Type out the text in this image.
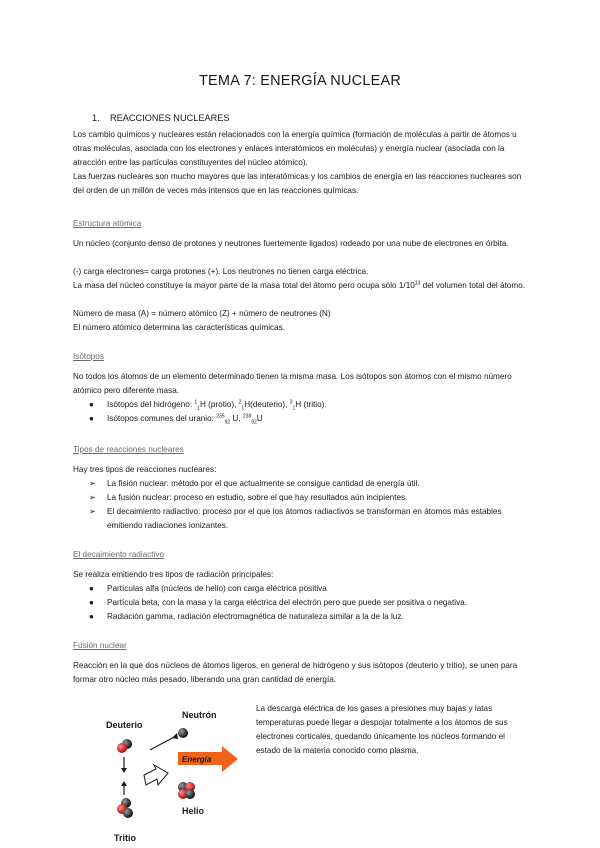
TEMA 7: ENERGÍA NUCLEAR
1. REACCIONES NUCLEARES

Los cambio químicos y nucleares están relacionados con la energía química (formación de moléculas a partir de átomos u otras moléculas, asociada con los electrones y enlaces interatómicos en moléculas) y energía nuclear (asociada con la atracción entre las partículas constituyentes del núcleo atómico).

Las fuerzas nucleares son mucho mayores que las interatómicas y los cambios de energía en las reacciones nucleares son del orden de un millón de veces más intensos que en las reacciones químicas.

Estructura atómica

Un núcleo (conjunto denso de protones y neutrones fuertemente ligados) rodeado por una nube de electrones en órbita.

(-) carga electrones= carga protones (+). Los neutrones no tienen carga eléctrica.

La masa del núcleo constituye la mayor parte de la masa total del átomo pero ocupa sólo $1/10^{13}$ del volumen total del átomo.

Número de masa (A) = número atómico (Z) + número de neutrones (N)

El número atómico determina las características químicas.

Isótopos

No todos los átomos de un elemento determinado tienen la misma masa. Los isótopos son átomos con el mismo número atómico pero diferente masa.

● Isótopos del hidrógeno: $^1_1$H (protio), $^2_1$H(deuterio), $^3_1$H (tritio).
● Isótopos comunes del uranio: $^{235}_{92}$ U, $^{238}_{92}$U
Tipos de reacciones nucleares

Hay tres tipos de reacciones nucleares:

➢ La fisión nuclear: método por el que actualmente se consigue cantidad de energía útil.
➢ La fusión nuclear: proceso en estudio, sobre el que hay resultados aún incipientes.
➢ El decaimiento radiactivo: proceso por el que los átomos radiactivos se transforman en átomos más estables emitiendo radiaciones ionizantes.
El decaimiento radiactivo

Se realiza emitiendo tres tipos de radiación principales:

● Partículas alfa (núcleos de helio) con carga eléctrica positiva
● Partícula beta, con la masa y la carga eléctrica del electrón pero que puede ser positiva o negativa.
● Radiación gamma, radiación electromagnética de naturaleza similar a la de la luz.
Fusión nuclear

Reacción en la que dos núcleos de átomos ligeros, en general de hidrógeno y sus isótopos (deuterio y tritio), se unen para formar otro núcleo más pesado, liberando una gran cantidad de energía.

Deuterio
Neutrón
Helio
Tritio
Energía

La descarga eléctrica de los gases a presiones muy bajas y latas temperaturas puede llegar a despojar totalmente a los átomos de sus electrones corticales, quedando únicamente los núcleos formando el estado de la materia conocido como plasma.
